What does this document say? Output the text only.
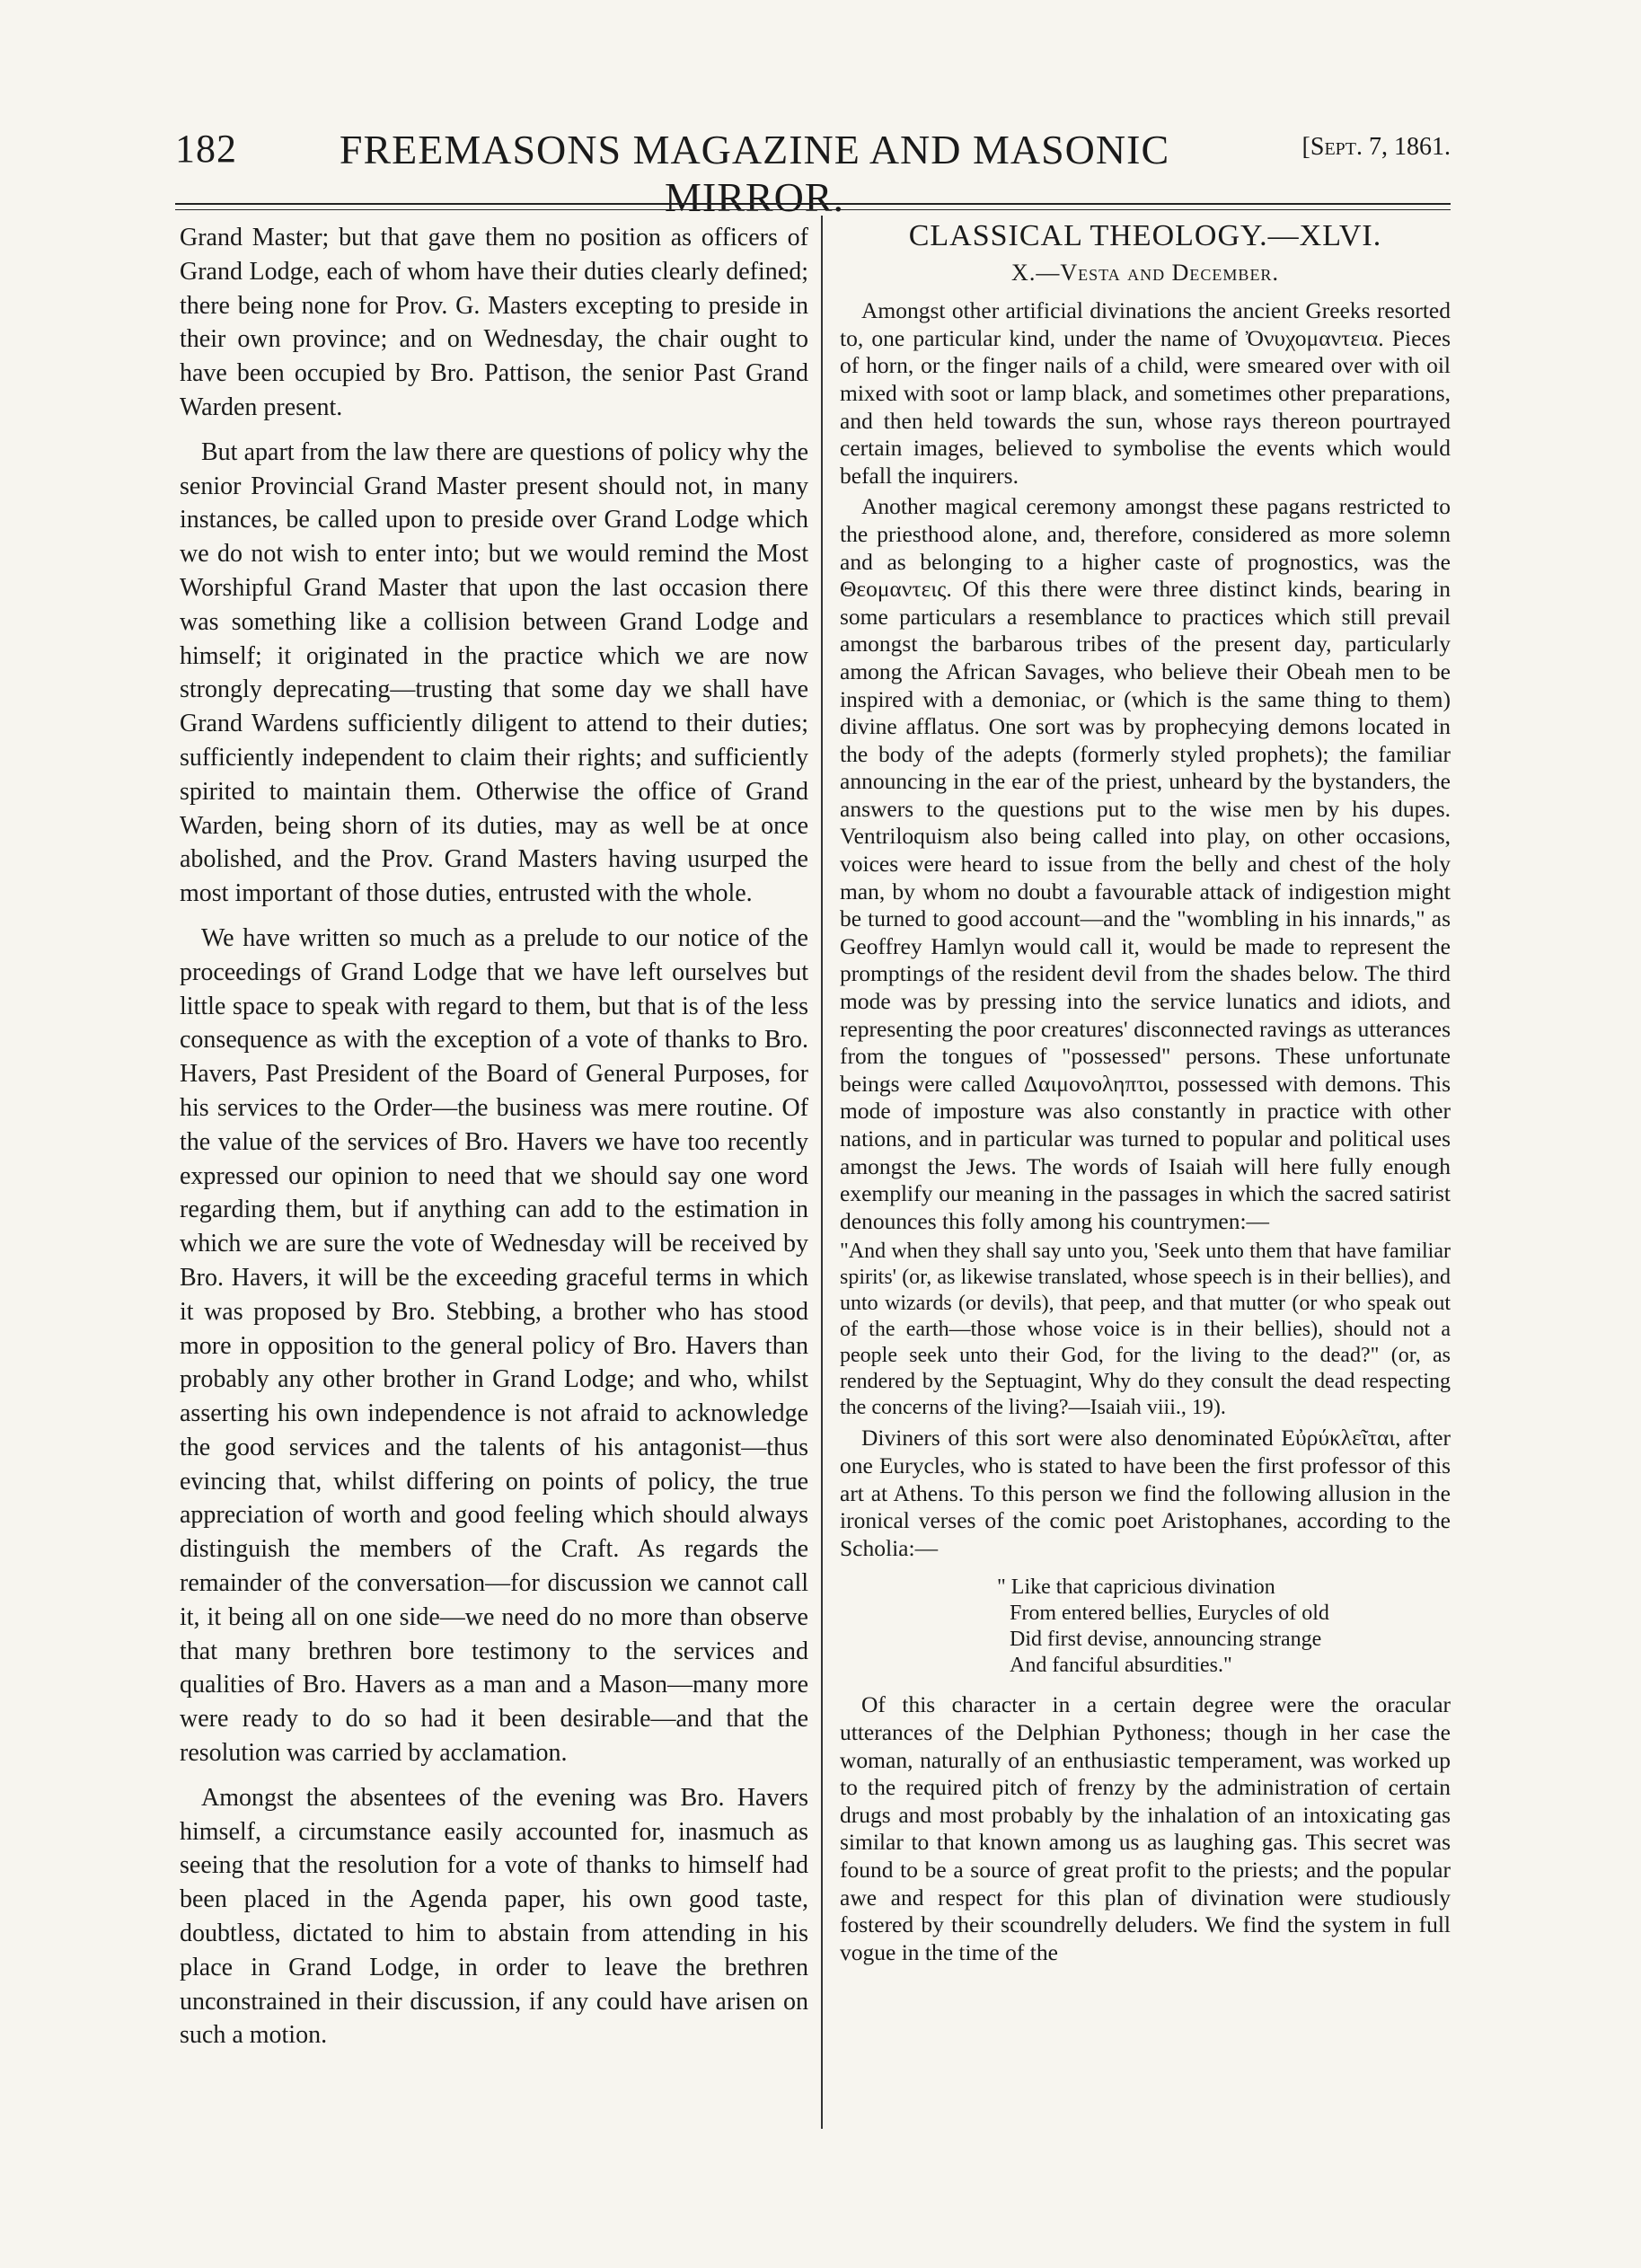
182	FREEMASONS MAGAZINE AND MASONIC MIRROR.
[Sept. 7, 1861.

Grand Master; but that gave them no position as officers of Grand Lodge, each of whom have their duties clearly defined; there being none for Prov. G. Masters excepting to preside in their own province; and on Wednesday, the chair ought to have been occupied by Bro. Pattison, the senior Past Grand Warden present.

But apart from the law there are questions of policy why the senior Provincial Grand Master present should not, in many instances, be called upon to preside over Grand Lodge which we do not wish to enter into; but we would remind the Most Worshipful Grand Master that upon the last occasion there was something like a collision between Grand Lodge and himself; it originated in the practice which we are now strongly deprecating—trusting that some day we shall have Grand Wardens sufficiently diligent to attend to their duties; sufficiently independent to claim their rights; and sufficiently spirited to maintain them. Otherwise the office of Grand Warden, being shorn of its duties, may as well be at once abolished, and the Prov. Grand Masters having usurped the most important of those duties, entrusted with the whole.

We have written so much as a prelude to our notice of the proceedings of Grand Lodge that we have left ourselves but little space to speak with regard to them, but that is of the less consequence as with the exception of a vote of thanks to Bro. Havers, Past President of the Board of General Purposes, for his services to the Order—the business was mere routine. Of the value of the services of Bro. Havers we have too recently expressed our opinion to need that we should say one word regarding them, but if anything can add to the estimation in which we are sure the vote of Wednesday will be received by Bro. Havers, it will be the exceeding graceful terms in which it was proposed by Bro. Stebbing, a brother who has stood more in opposition to the general policy of Bro. Havers than probably any other brother in Grand Lodge; and who, whilst asserting his own independence is not afraid to acknowledge the good services and the talents of his antagonist—thus evincing that, whilst differing on points of policy, the true appreciation of worth and good feeling which should always distinguish the members of the Craft. As regards the remainder of the conversation—for discussion we cannot call it, it being all on one side—we need do no more than observe that many brethren bore testimony to the services and qualities of Bro. Havers as a man and a Mason—many more were ready to do so had it been desirable—and that the resolution was carried by acclamation.

Amongst the absentees of the evening was Bro. Havers himself, a circumstance easily accounted for, inasmuch as seeing that the resolution for a vote of thanks to himself had been placed in the Agenda paper, his own good taste, doubtless, dictated to him to abstain from attending in his place in Grand Lodge, in order to leave the brethren unconstrained in their discussion, if any could have arisen on such a motion.

CLASSICAL THEOLOGY.—XLVI.
X.—Vesta and December.

Amongst other artificial divinations the ancient Greeks resorted to, one particular kind, under the name of Ὀνυχομαντεια. Pieces of horn, or the finger nails of a child, were smeared over with oil mixed with soot or lamp black, and sometimes other preparations, and then held towards the sun, whose rays thereon pourtrayed certain images, believed to symbolise the events which would befall the inquirers.

Another magical ceremony amongst these pagans restricted to the priesthood alone, and, therefore, considered as more solemn and as belonging to a higher caste of prognostics, was the Θεομαντεις. Of this there were three distinct kinds, bearing in some particulars a resemblance to practices which still prevail amongst the barbarous tribes of the present day, particularly among the African Savages, who believe their Obeah men to be inspired with a demoniac, or (which is the same thing to them) divine afflatus. One sort was by prophecying demons located in the body of the adepts (formerly styled prophets); the familiar announcing in the ear of the priest, unheard by the bystanders, the answers to the questions put to the wise men by his dupes. Ventriloquism also being called into play, on other occasions, voices were heard to issue from the belly and chest of the holy man, by whom no doubt a favourable attack of indigestion might be turned to good account—and the "wombling in his innards," as Geoffrey Hamlyn would call it, would be made to represent the promptings of the resident devil from the shades below. The third mode was by pressing into the service lunatics and idiots, and representing the poor creatures' disconnected ravings as utterances from the tongues of "possessed" persons. These unfortunate beings were called Δαιμονοληπτοι, possessed with demons. This mode of imposture was also constantly in practice with other nations, and in particular was turned to popular and political uses amongst the Jews. The words of Isaiah will here fully enough exemplify our meaning in the passages in which the sacred satirist denounces this folly among his countrymen:—

"And when they shall say unto you, 'Seek unto them that have familiar spirits' (or, as likewise translated, whose speech is in their bellies), and unto wizards (or devils), that peep, and that mutter (or who speak out of the earth—those whose voice is in their bellies), should not a people seek unto their God, for the living to the dead?" (or, as rendered by the Septuagint, Why do they consult the dead respecting the concerns of the living?—Isaiah viii., 19).

Diviners of this sort were also denominated Εὐρύκλεῖται, after one Eurycles, who is stated to have been the first professor of this art at Athens. To this person we find the following allusion in the ironical verses of the comic poet Aristophanes, according to the Scholia:—

" Like that capricious divination
From entered bellies, Eurycles of old
Did first devise, announcing strange
And fanciful absurdities."

Of this character in a certain degree were the oracular utterances of the Delphian Pythoness; though in her case the woman, naturally of an enthusiastic temperament, was worked up to the required pitch of frenzy by the administration of certain drugs and most probably by the inhalation of an intoxicating gas similar to that known among us as laughing gas. This secret was found to be a source of great profit to the priests; and the popular awe and respect for this plan of divination were studiously fostered by their scoundrelly deluders. We find the system in full vogue in the time of the
